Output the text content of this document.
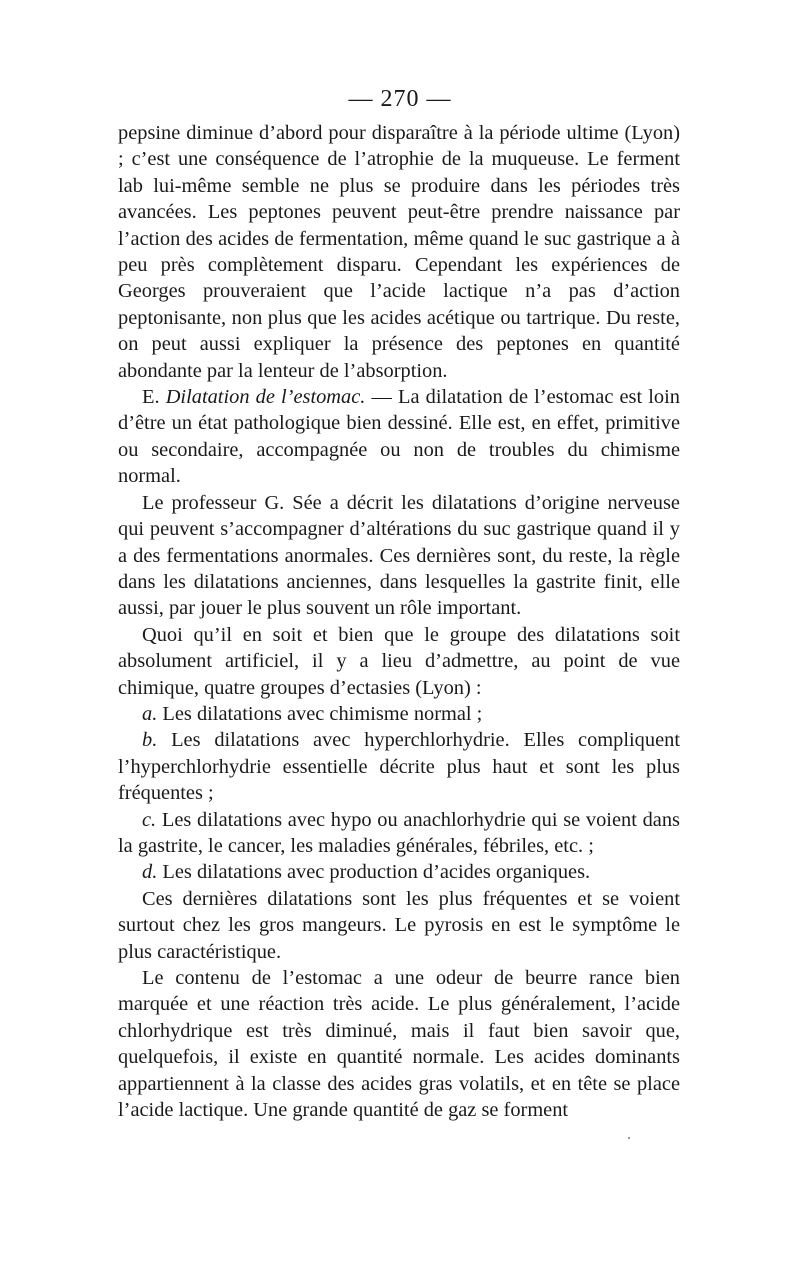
— 270 —

pepsine diminue d’abord pour disparaître à la période ultime (Lyon) ; c’est une conséquence de l’atrophie de la muqueuse. Le ferment lab lui-même semble ne plus se produire dans les périodes très avancées. Les peptones peuvent peut-être prendre naissance par l’action des acides de fermentation, même quand le suc gastrique a à peu près complètement disparu. Cependant les expériences de Georges prouveraient que l’acide lactique n’a pas d’action peptonisante, non plus que les acides acétique ou tartrique. Du reste, on peut aussi expliquer la présence des peptones en quantité abondante par la lenteur de l’absorption.

E. Dilatation de l’estomac. — La dilatation de l’estomac est loin d’être un état pathologique bien dessiné. Elle est, en effet, primitive ou secondaire, accompagnée ou non de troubles du chimisme normal.

Le professeur G. Sée a décrit les dilatations d’origine nerveuse qui peuvent s’accompagner d’altérations du suc gastrique quand il y a des fermentations anormales. Ces dernières sont, du reste, la règle dans les dilatations anciennes, dans lesquelles la gastrite finit, elle aussi, par jouer le plus souvent un rôle important.

Quoi qu’il en soit et bien que le groupe des dilatations soit absolument artificiel, il y a lieu d’admettre, au point de vue chimique, quatre groupes d’ectasies (Lyon) :

a. Les dilatations avec chimisme normal ;

b. Les dilatations avec hyperchlorhydrie. Elles compliquent l’hyperchlorhydrie essentielle décrite plus haut et sont les plus fréquentes ;

c. Les dilatations avec hypo ou anachlorhydrie qui se voient dans la gastrite, le cancer, les maladies générales, fébriles, etc. ;

d. Les dilatations avec production d’acides organiques.

Ces dernières dilatations sont les plus fréquentes et se voient surtout chez les gros mangeurs. Le pyrosis en est le symptôme le plus caractéristique.

Le contenu de l’estomac a une odeur de beurre rance bien marquée et une réaction très acide. Le plus généralement, l’acide chlorhydrique est très diminué, mais il faut bien savoir que, quelquefois, il existe en quantité normale. Les acides dominants appartiennent à la classe des acides gras volatils, et en tête se place l’acide lactique. Une grande quantité de gaz se forment
